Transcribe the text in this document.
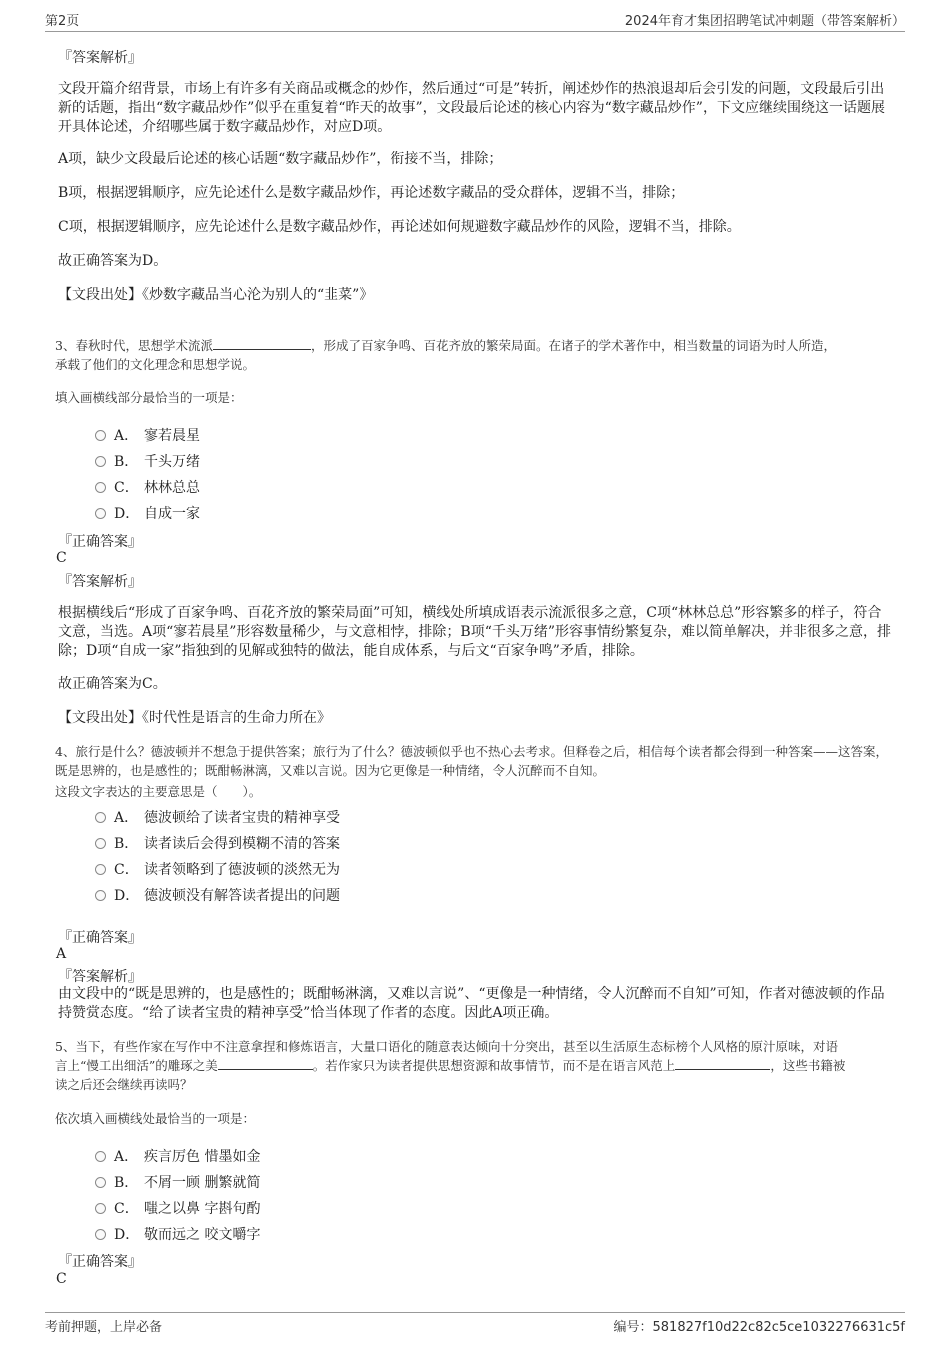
第2页	2024年育才集团招聘笔试冲刺题（带答案解析）
『答案解析』
文段开篇介绍背景，市场上有许多有关商品或概念的炒作，然后通过“可是”转折，阐述炒作的热浪退却后会引发的问题，文段最后引出新的话题，指出“数字藏品炒作”似乎在重复着“昨天的故事”，文段最后论述的核心内容为“数字藏品炒作”，下文应继续围绕这一话题展开具体论述，介绍哪些属于数字藏品炒作，对应D项。
A项，缺少文段最后论述的核心话题“数字藏品炒作”，衔接不当，排除；
B项，根据逻辑顺序，应先论述什么是数字藏品炒作，再论述数字藏品的受众群体，逻辑不当，排除；
C项，根据逻辑顺序，应先论述什么是数字藏品炒作，再论述如何规避数字藏品炒作的风险，逻辑不当，排除。
故正确答案为D。
【文段出处】《炒数字藏品当心沦为别人的“韭菜”》
3、春秋时代，思想学术流派	，形成了百家争鸣、百花齐放的繁荣局面。在诸子的学术著作中，相当数量的词语为时人所造，
承载了他们的文化理念和思想学说。
填入画横线部分最恰当的一项是：
A． 寥若晨星
B． 千头万绪
C． 林林总总
D． 自成一家
『正确答案』
C
『答案解析』
根据横线后“形成了百家争鸣、百花齐放的繁荣局面”可知，横线处所填成语表示流派很多之意，C项“林林总总”形容繁多的样子，符合文意，当选。A项“寥若晨星”形容数量稀少，与文意相悖，排除；B项“千头万绪”形容事情纷繁复杂，难以简单解决，并非很多之意，排除；D项“自成一家”指独到的见解或独特的做法，能自成体系，与后文“百家争鸣”矛盾，排除。
故正确答案为C。
【文段出处】《时代性是语言的生命力所在》
4、旅行是什么？德波顿并不想急于提供答案；旅行为了什么？德波顿似乎也不热心去考求。但释卷之后，相信每个读者都会得到一种答案——这答案，既是思辨的，也是感性的；既酣畅淋漓，又难以言说。因为它更像是一种情绪，令人沉醉而不自知。
这段文字表达的主要意思是（　　）。
A． 德波顿给了读者宝贵的精神享受
B． 读者读后会得到模糊不清的答案
C． 读者领略到了德波顿的淡然无为
D． 德波顿没有解答读者提出的问题
『正确答案』
A
『答案解析』
由文段中的“既是思辨的，也是感性的；既酣畅淋漓，又难以言说”、“更像是一种情绪，令人沉醉而不自知”可知，作者对德波顿的作品持赞赏态度。“给了读者宝贵的精神享受”恰当体现了作者的态度。因此A项正确。
5、当下，有些作家在写作中不注意拿捏和修炼语言，大量口语化的随意表达倾向十分突出，甚至以生活原生态标榜个人风格的原汁原味，对语
言上“慢工出细活”的雕琢之美	。若作家只为读者提供思想资源和故事情节，而不是在语言风范上	，这些书籍被
读之后还会继续再读吗？
依次填入画横线处最恰当的一项是：
A． 疾言厉色 惜墨如金
B． 不屑一顾 删繁就简
C． 嗤之以鼻 字斟句酌
D． 敬而远之 咬文嚼字
『正确答案』
C
考前押题，上岸必备	编号：581827f10d22c82c5ce1032276631c5f
